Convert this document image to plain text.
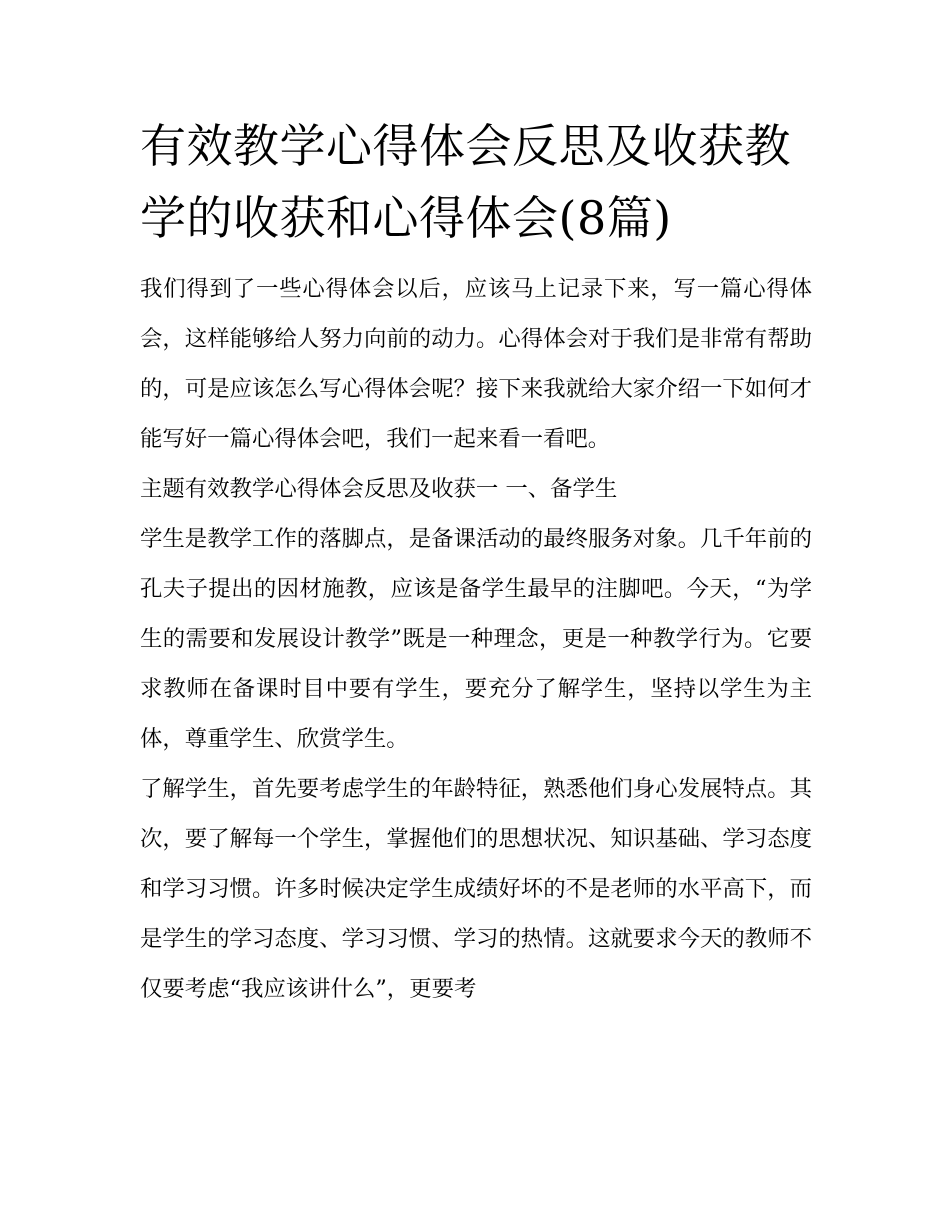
有效教学心得体会反思及收获教学的收获和心得体会(8篇)

我们得到了一些心得体会以后，应该马上记录下来，写一篇心得体会，这样能够给人努力向前的动力。心得体会对于我们是非常有帮助的，可是应该怎么写心得体会呢？接下来我就给大家介绍一下如何才能写好一篇心得体会吧，我们一起来看一看吧。

主题有效教学心得体会反思及收获一 一、备学生

学生是教学工作的落脚点，是备课活动的最终服务对象。几千年前的孔夫子提出的因材施教，应该是备学生最早的注脚吧。今天，“为学生的需要和发展设计教学”既是一种理念，更是一种教学行为。它要求教师在备课时目中要有学生，要充分了解学生，坚持以学生为主体，尊重学生、欣赏学生。

了解学生，首先要考虑学生的年龄特征，熟悉他们身心发展特点。其次，要了解每一个学生，掌握他们的思想状况、知识基础、学习态度和学习习惯。许多时候决定学生成绩好坏的不是老师的水平高下，而是学生的学习态度、学习习惯、学习的热情。这就要求今天的教师不仅要考虑“我应该讲什么”，更要考
